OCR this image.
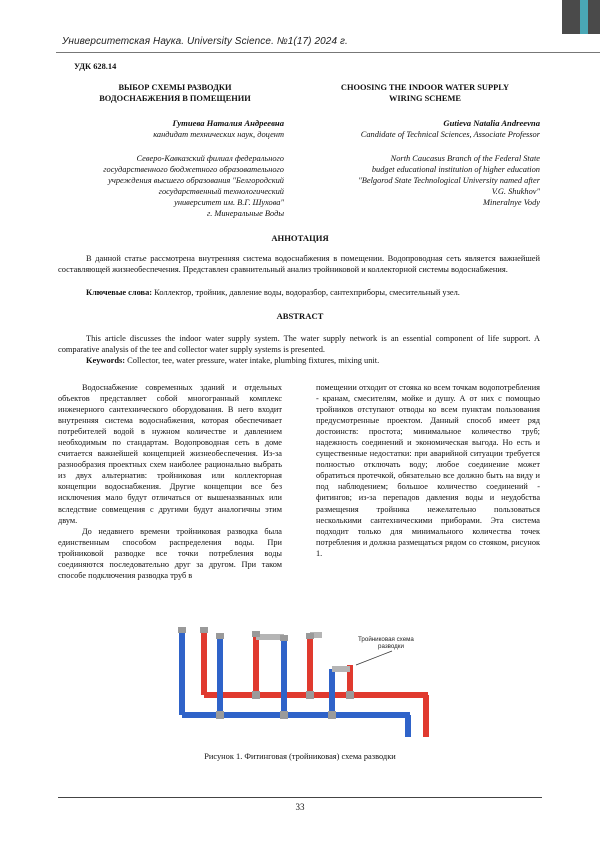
Университетская Наука. University Science. №1(17) 2024 г.
УДК 628.14
ВЫБОР СХЕМЫ РАЗВОДКИ
ВОДОСНАБЖЕНИЯ В ПОМЕЩЕНИИ
CHOOSING THE INDOOR WATER SUPPLY
WIRING SCHEME
Гутиева Наталия Андреевна
кандидат технических наук, доцент
Северо-Кавказский филиал федерального
государственного бюджетного образовательного
учреждения высшего образования "Белгородский
государственный технологический
университет им. В.Г. Шухова"
г. Минеральные Воды
Gutieva Natalia Andreevna
Candidate of Technical Sciences, Associate Professor
North Caucasus Branch of the Federal State
budget educational institution of higher education
"Belgorod State Technological University named after
V.G. Shukhov"
Mineralnye Vody
АННОТАЦИЯ
В данной статье рассмотрена внутренняя система водоснабжения в помещении. Водопроводная сеть является важнейшей составляющей жизнеобеспечения. Представлен сравнительный анализ тройниковой и коллекторной системы водоснабжения.
Ключевые слова: Коллектор, тройник, давление воды, водоразбор, сантехприборы, смесительный узел.
ABSTRACT
This article discusses the indoor water supply system. The water supply network is an essential component of life support. A comparative analysis of the tee and collector water supply systems is presented.
Keywords: Collector, tee, water pressure, water intake, plumbing fixtures, mixing unit.

Водоснабжение современных зданий и отдельных объектов представляет собой многогранный комплекс инженерного сантехнического оборудования. В него входит внутренняя система водоснабжения, которая обеспечивает потребителей водой в нужном количестве и давлением необходимым по стандартам. Водопроводная сеть в доме считается важнейшей концепцией жизнеобеспечения. Из-за разнообразия проектных схем наиболее рационально выбрать из двух альтернатив: тройниковая или коллекторная концепции водоснабжения. Другие концепции все без исключения мало будут отличаться от вышеназванных или вследствие совмещения с другими будут аналогичны этим двум.

До недавнего времени тройниковая разводка была единственным способом распределения воды. При тройниковой разводке все точки потребления воды соединяются последовательно друг за другом. При таком способе подключения разводка труб в

помещении отходит от стояка ко всем точкам водопотребления - кранам, смесителям, мойке и душу. А от них с помощью тройников отступают отводы ко всем пунктам пользования предусмотренные проектом. Данный способ имеет ряд достоинств: простота; минимальное количество труб; надежность соединений и экономическая выгода. Но есть и существенные недостатки: при аварийной ситуации требуется полностью отключать воду; любое соединение может обратиться протечкой, обязательно все должно быть на виду и под наблюдением; большое количество соединений - фитингов; из-за перепадов давления воды и неудобства размещения тройника нежелательно пользоваться несколькими сантехническими приборами. Эта система подходит только для минимального количества точек потребления и должна размещаться рядом со стояком, рисунок 1.

Тройниковая схема разводки
Рисунок 1. Фитинговая (тройниковая) схема разводки
33
